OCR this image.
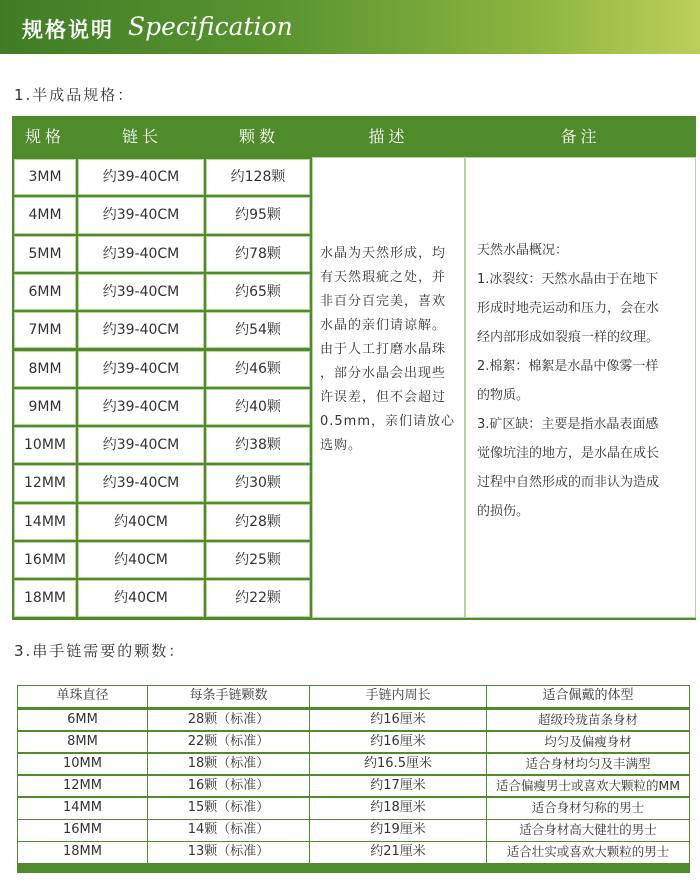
规格说明 Specification
1.半成品规格：
规格	链长	颗数	描述	备注
3MM	约39-40CM	约128颗
4MM	约39-40CM	约95颗
5MM	约39-40CM	约78颗
6MM	约39-40CM	约65颗
7MM	约39-40CM	约54颗
8MM	约39-40CM	约46颗
9MM	约39-40CM	约40颗
10MM	约39-40CM	约38颗
12MM	约39-40CM	约30颗
14MM	约40CM	约28颗
16MM	约40CM	约25颗
18MM	约40CM	约22颗

水晶为天然形成，均

有天然瑕疵之处，并

非百分百完美，喜欢

水晶的亲们请谅解。

由于人工打磨水晶珠

，部分水晶会出现些

许误差，但不会超过

0.5mm，亲们请放心

选购。

天然水晶概况：

1.冰裂纹：天然水晶由于在地下

形成时地壳运动和压力，会在水

经内部形成如裂痕一样的纹理。

2.棉絮：棉絮是水晶中像雾一样

的物质。

3.矿区缺：主要是指水晶表面感

觉像坑洼的地方，是水晶在成长

过程中自然形成的而非认为造成

的损伤。

3.串手链需要的颗数：
单珠直径	每条手链颗数	手链内周长	适合佩戴的体型
6MM	28颗（标准）	约16厘米	超级玲珑苗条身材
8MM	22颗（标准）	约16厘米	均匀及偏瘦身材
10MM	18颗（标准）	约16.5厘米	适合身材均匀及丰满型
12MM	16颗（标准）	约17厘米	适合偏瘦男士或喜欢大颗粒的MM
14MM	15颗（标准）	约18厘米	适合身材匀称的男士
16MM	14颗（标准）	约19厘米	适合身材高大健壮的男士
18MM	13颗（标准）	约21厘米	适合壮实或喜欢大颗粒的男士
